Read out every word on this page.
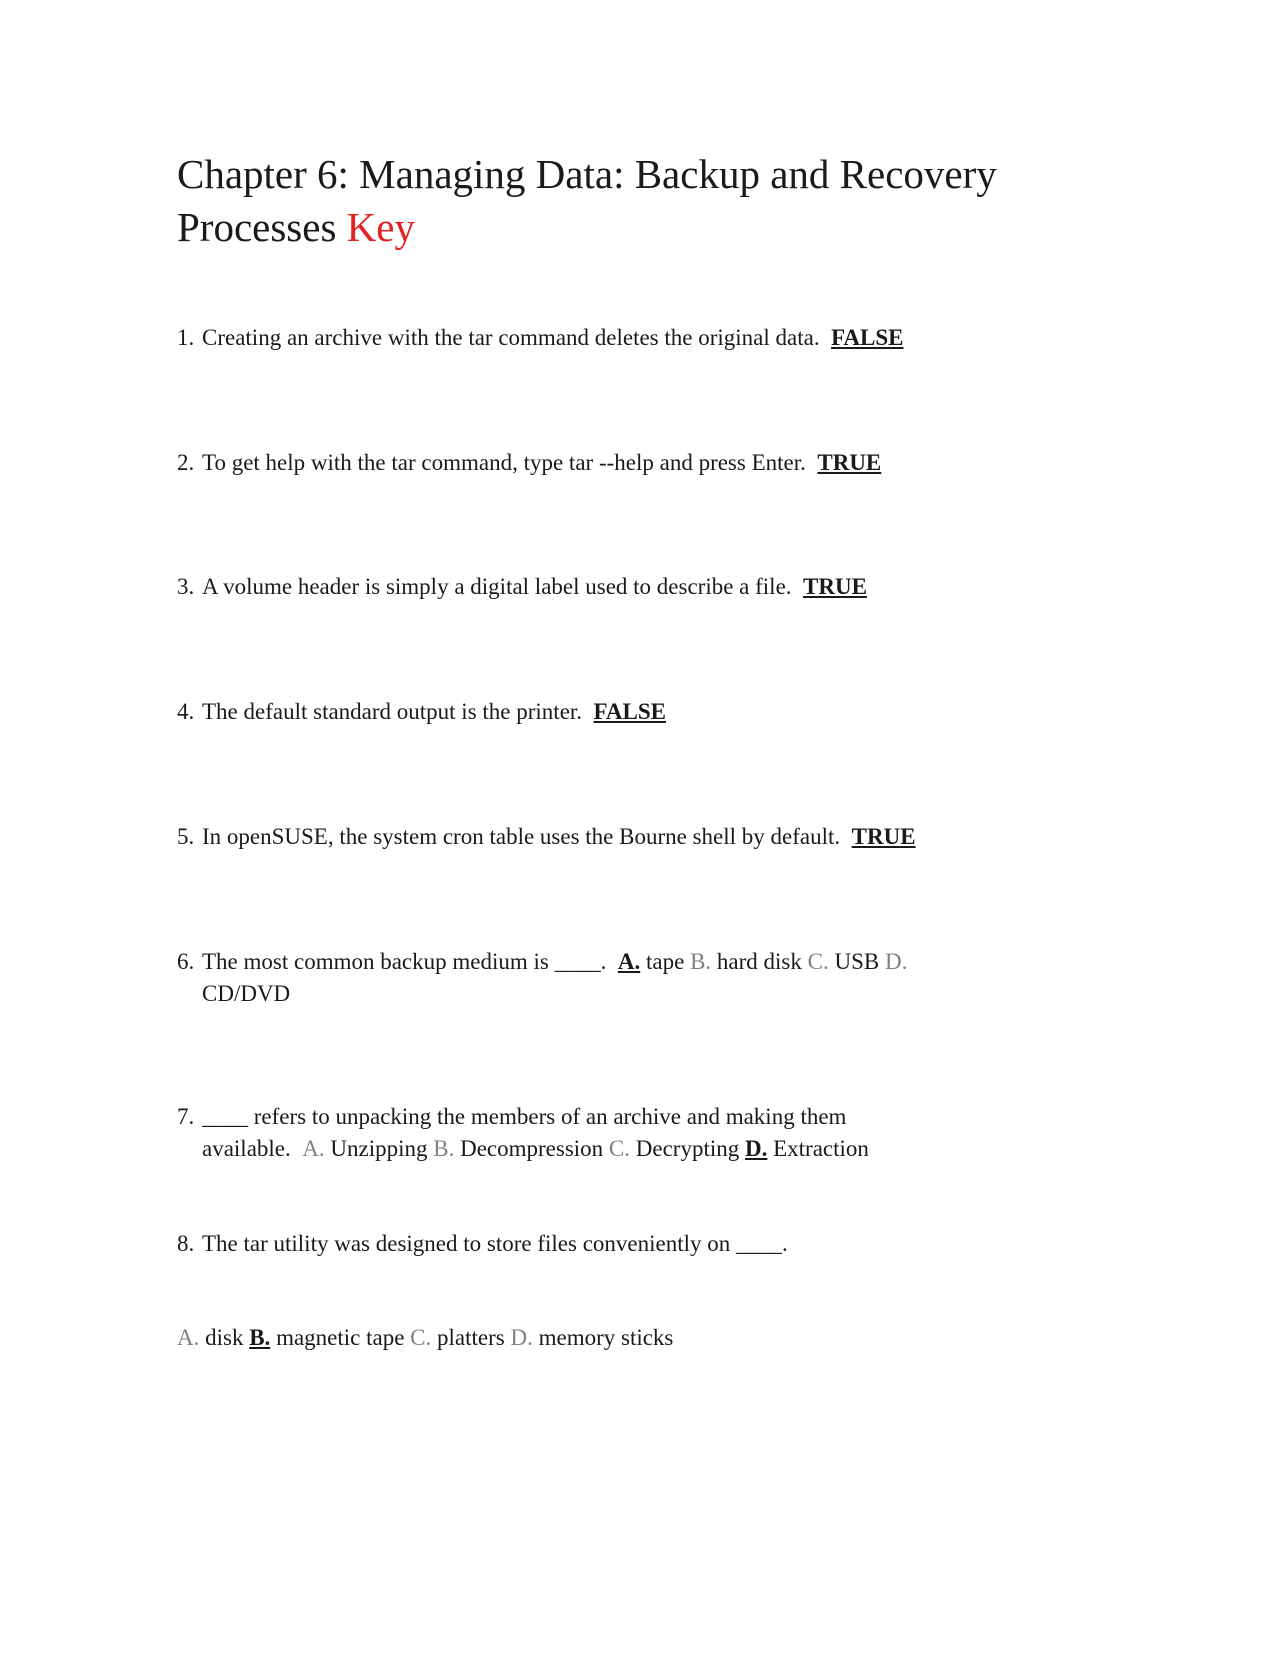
Chapter 6: Managing Data: Backup and Recovery Processes Key
1. Creating an archive with the tar command deletes the original data. FALSE
2. To get help with the tar command, type tar --help and press Enter. TRUE
3. A volume header is simply a digital label used to describe a file. TRUE
4. The default standard output is the printer. FALSE
5. In openSUSE, the system cron table uses the Bourne shell by default. TRUE
6. The most common backup medium is ____. A. tape B. hard disk C. USB D.
CD/DVD
7. ____ refers to unpacking the members of an archive and making them
available. A. Unzipping B. Decompression C. Decrypting D. Extraction
8. The tar utility was designed to store files conveniently on ____.
A. disk B. magnetic tape C. platters D. memory sticks
